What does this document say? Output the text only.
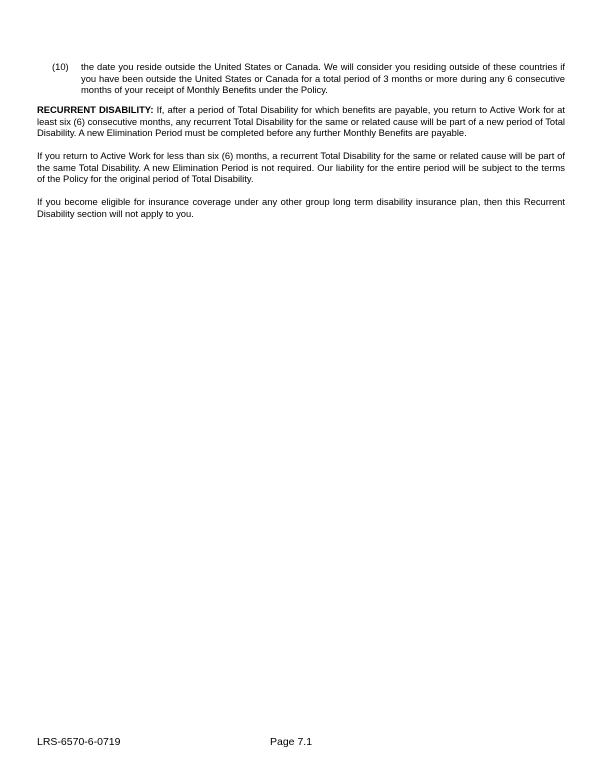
(10)	the date you reside outside the United States or Canada. We will consider you residing outside of these countries if you have been outside the United States or Canada for a total period of 3 months or more during any 6 consecutive months of your receipt of Monthly Benefits under the Policy.

RECURRENT DISABILITY: If, after a period of Total Disability for which benefits are payable, you return to Active Work for at least six (6) consecutive months, any recurrent Total Disability for the same or related cause will be part of a new period of Total Disability. A new Elimination Period must be completed before any further Monthly Benefits are payable.

If you return to Active Work for less than six (6) months, a recurrent Total Disability for the same or related cause will be part of the same Total Disability. A new Elimination Period is not required. Our liability for the entire period will be subject to the terms of the Policy for the original period of Total Disability.

If you become eligible for insurance coverage under any other group long term disability insurance plan, then this Recurrent Disability section will not apply to you.

LRS-6570-6-0719	Page 7.1
